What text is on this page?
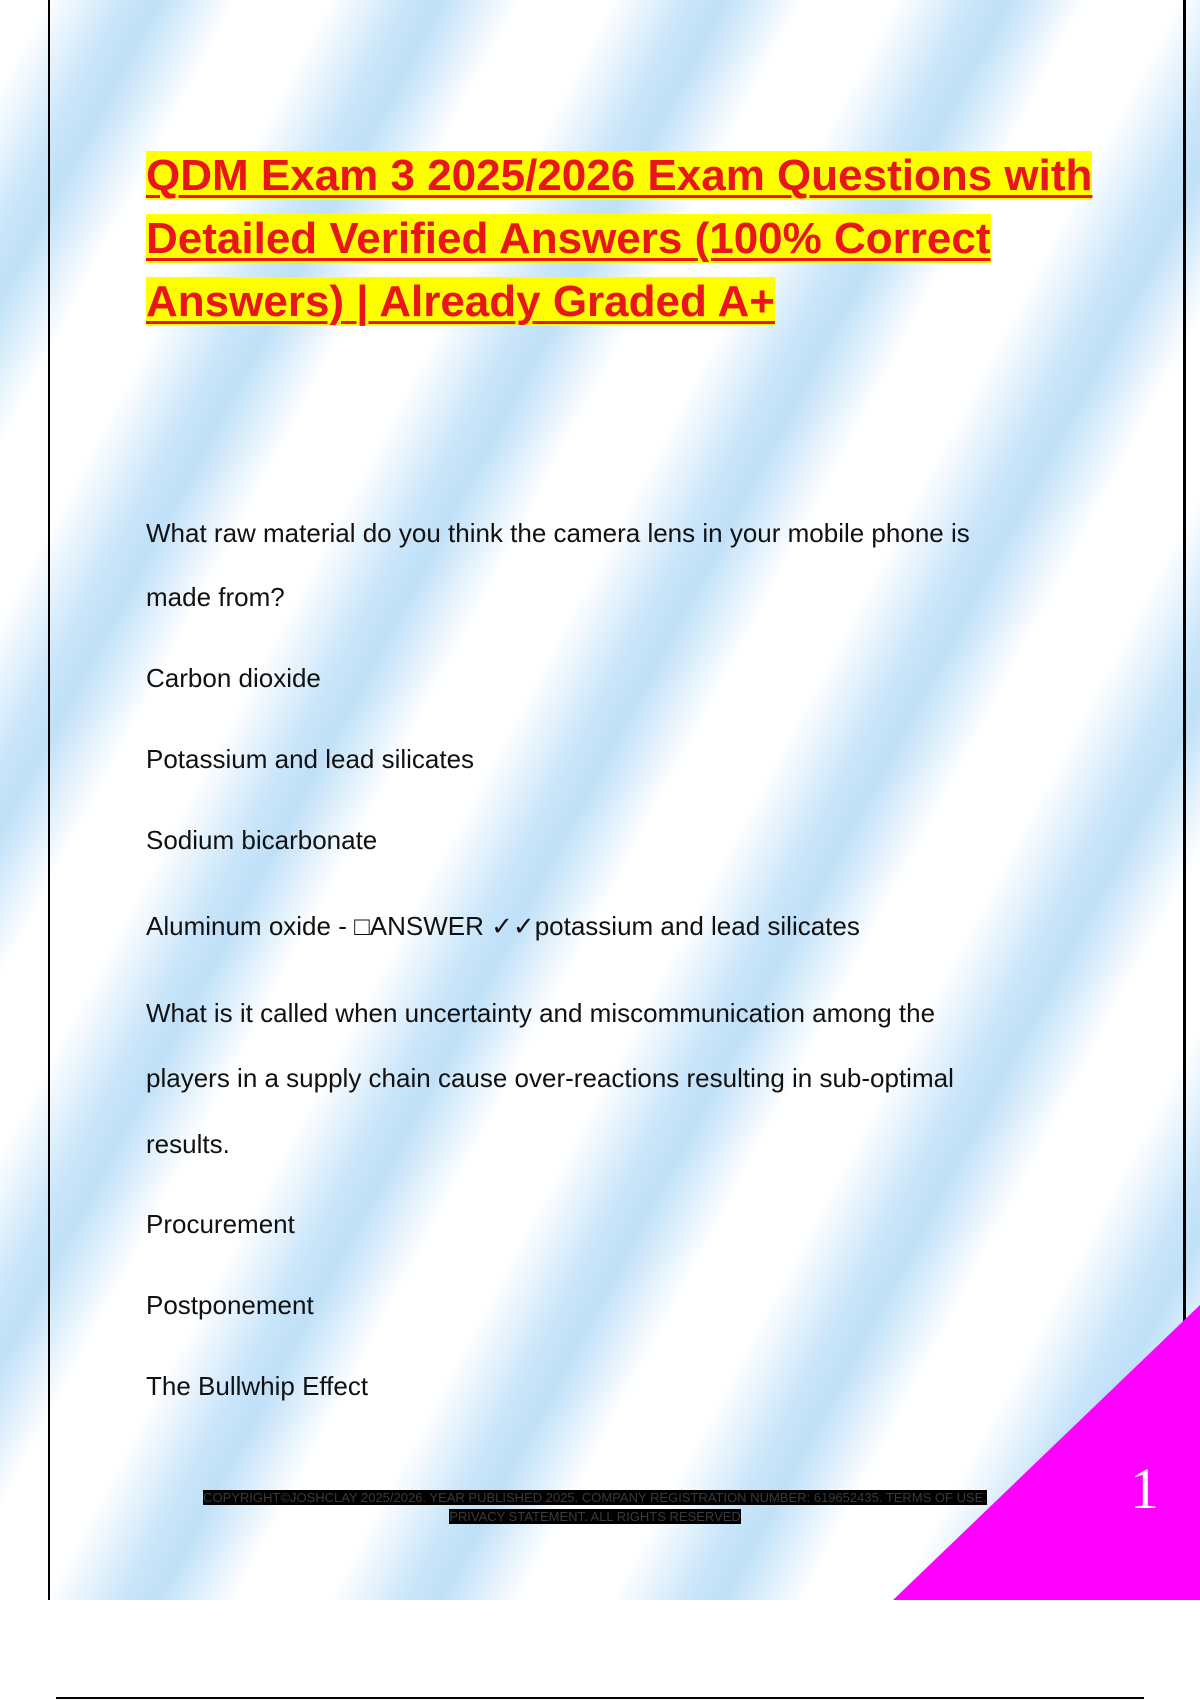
QDM Exam 3 2025/2026 Exam Questions with Detailed Verified Answers (100% Correct Answers) | Already Graded A+
What raw material do you think the camera lens in your mobile phone is
made from?
Carbon dioxide
Potassium and lead silicates
Sodium bicarbonate
Aluminum oxide - □ANSWER ✓✓potassium and lead silicates
What is it called when uncertainty and miscommunication among the
players in a supply chain cause over-reactions resulting in sub-optimal
results.
Procurement
Postponement
The Bullwhip Effect
1
COPYRIGHT©JOSHCLAY 2025/2026. YEAR PUBLISHED 2025. COMPANY REGISTRATION NUMBER: 619652435. TERMS OF USE. PRIVACY STATEMENT. ALL RIGHTS RESERVED
